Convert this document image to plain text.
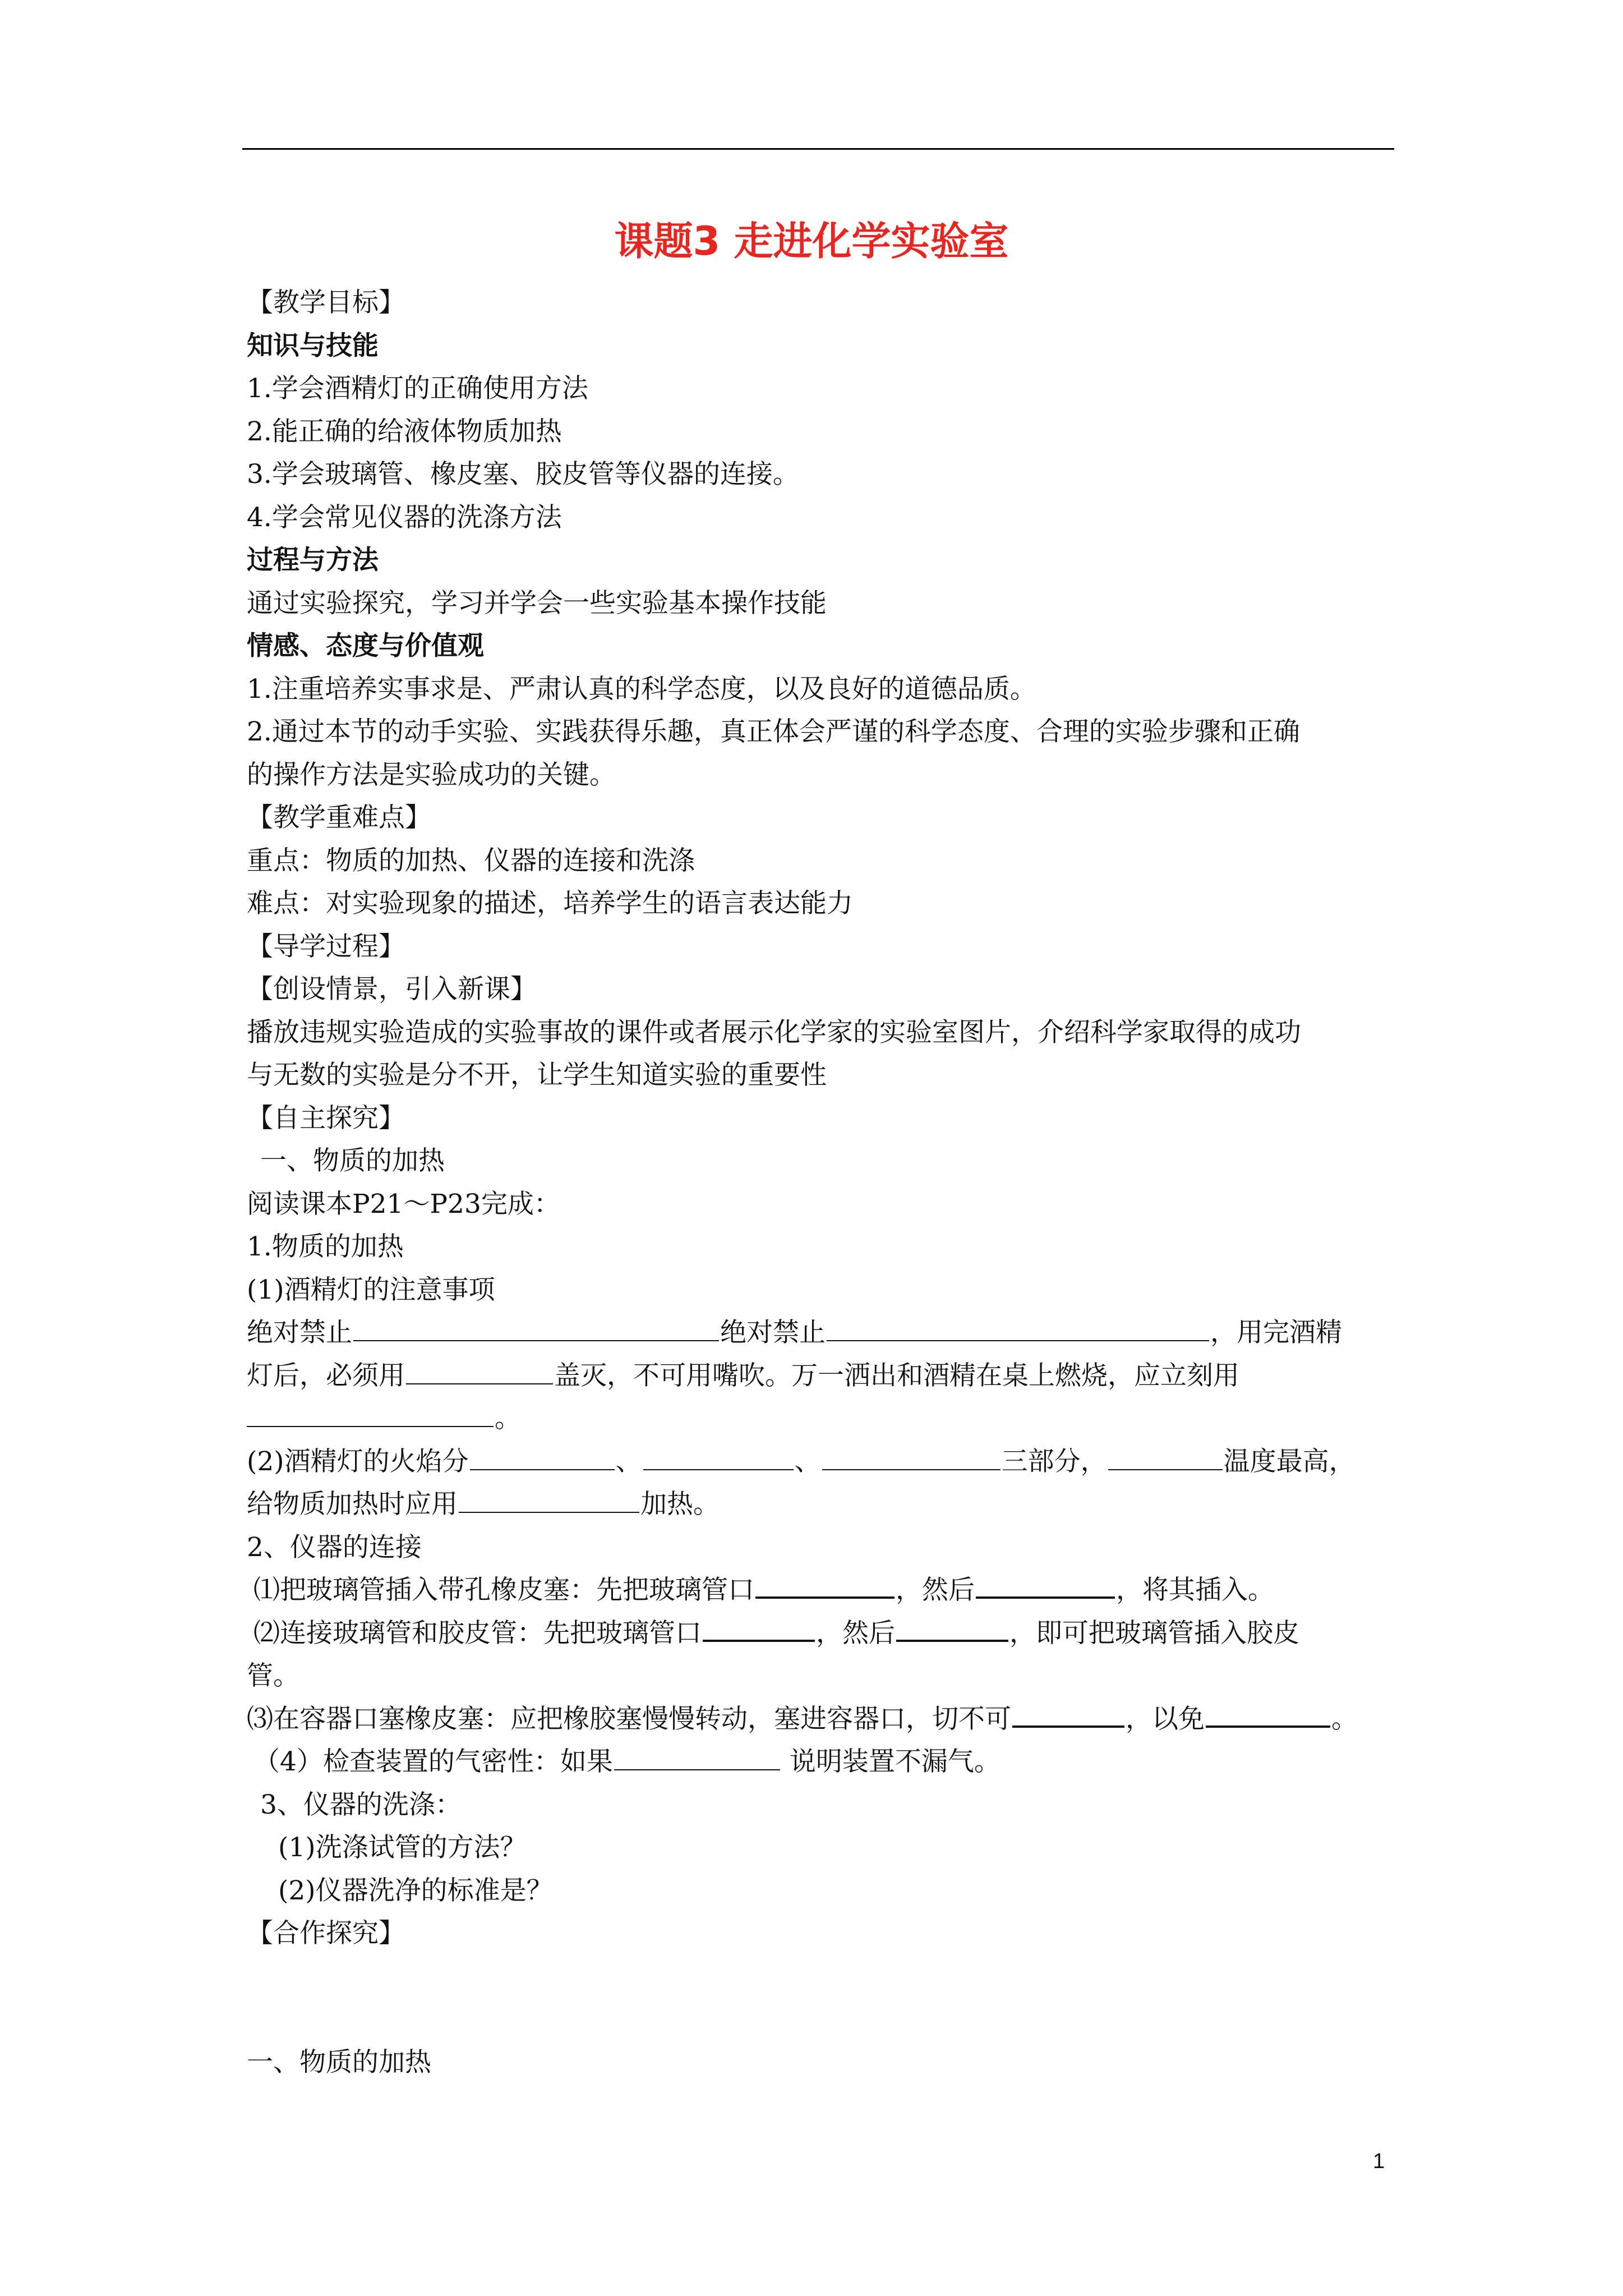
课题3 走进化学实验室
【教学目标】
知识与技能
1.学会酒精灯的正确使用方法
2.能正确的给液体物质加热
3.学会玻璃管、橡皮塞、胶皮管等仪器的连接。
4.学会常见仪器的洗涤方法
过程与方法
通过实验探究，学习并学会一些实验基本操作技能
情感、态度与价值观
1.注重培养实事求是、严肃认真的科学态度，以及良好的道德品质。
2.通过本节的动手实验、实践获得乐趣，真正体会严谨的科学态度、合理的实验步骤和正确
的操作方法是实验成功的关键。
【教学重难点】
重点：物质的加热、仪器的连接和洗涤
难点：对实验现象的描述，培养学生的语言表达能力
【导学过程】
【创设情景，引入新课】
播放违规实验造成的实验事故的课件或者展示化学家的实验室图片，介绍科学家取得的成功
与无数的实验是分不开，让学生知道实验的重要性
【自主探究】
一、物质的加热
阅读课本P21～P23完成：
1.物质的加热
(1)酒精灯的注意事项
绝对禁止	绝对禁止	，用完酒精
灯后，必须用	盖灭，不可用嘴吹。万一洒出和酒精在桌上燃烧，应立刻用
。
(2)酒精灯的火焰分	、	、	三部分，	温度最高，
给物质加热时应用	加热。
2、仪器的连接
⑴把玻璃管插入带孔橡皮塞：先把玻璃管口	，然后	，将其插入。
⑵连接玻璃管和胶皮管：先把玻璃管口	，然后	，即可把玻璃管插入胶皮
管。
⑶在容器口塞橡皮塞：应把橡胶塞慢慢转动，塞进容器口，切不可	，以免	。
（4）检查装置的气密性：如果	说明装置不漏气。
3、仪器的洗涤：
(1)洗涤试管的方法？
(2)仪器洗净的标准是？
【合作探究】
一、物质的加热
1
